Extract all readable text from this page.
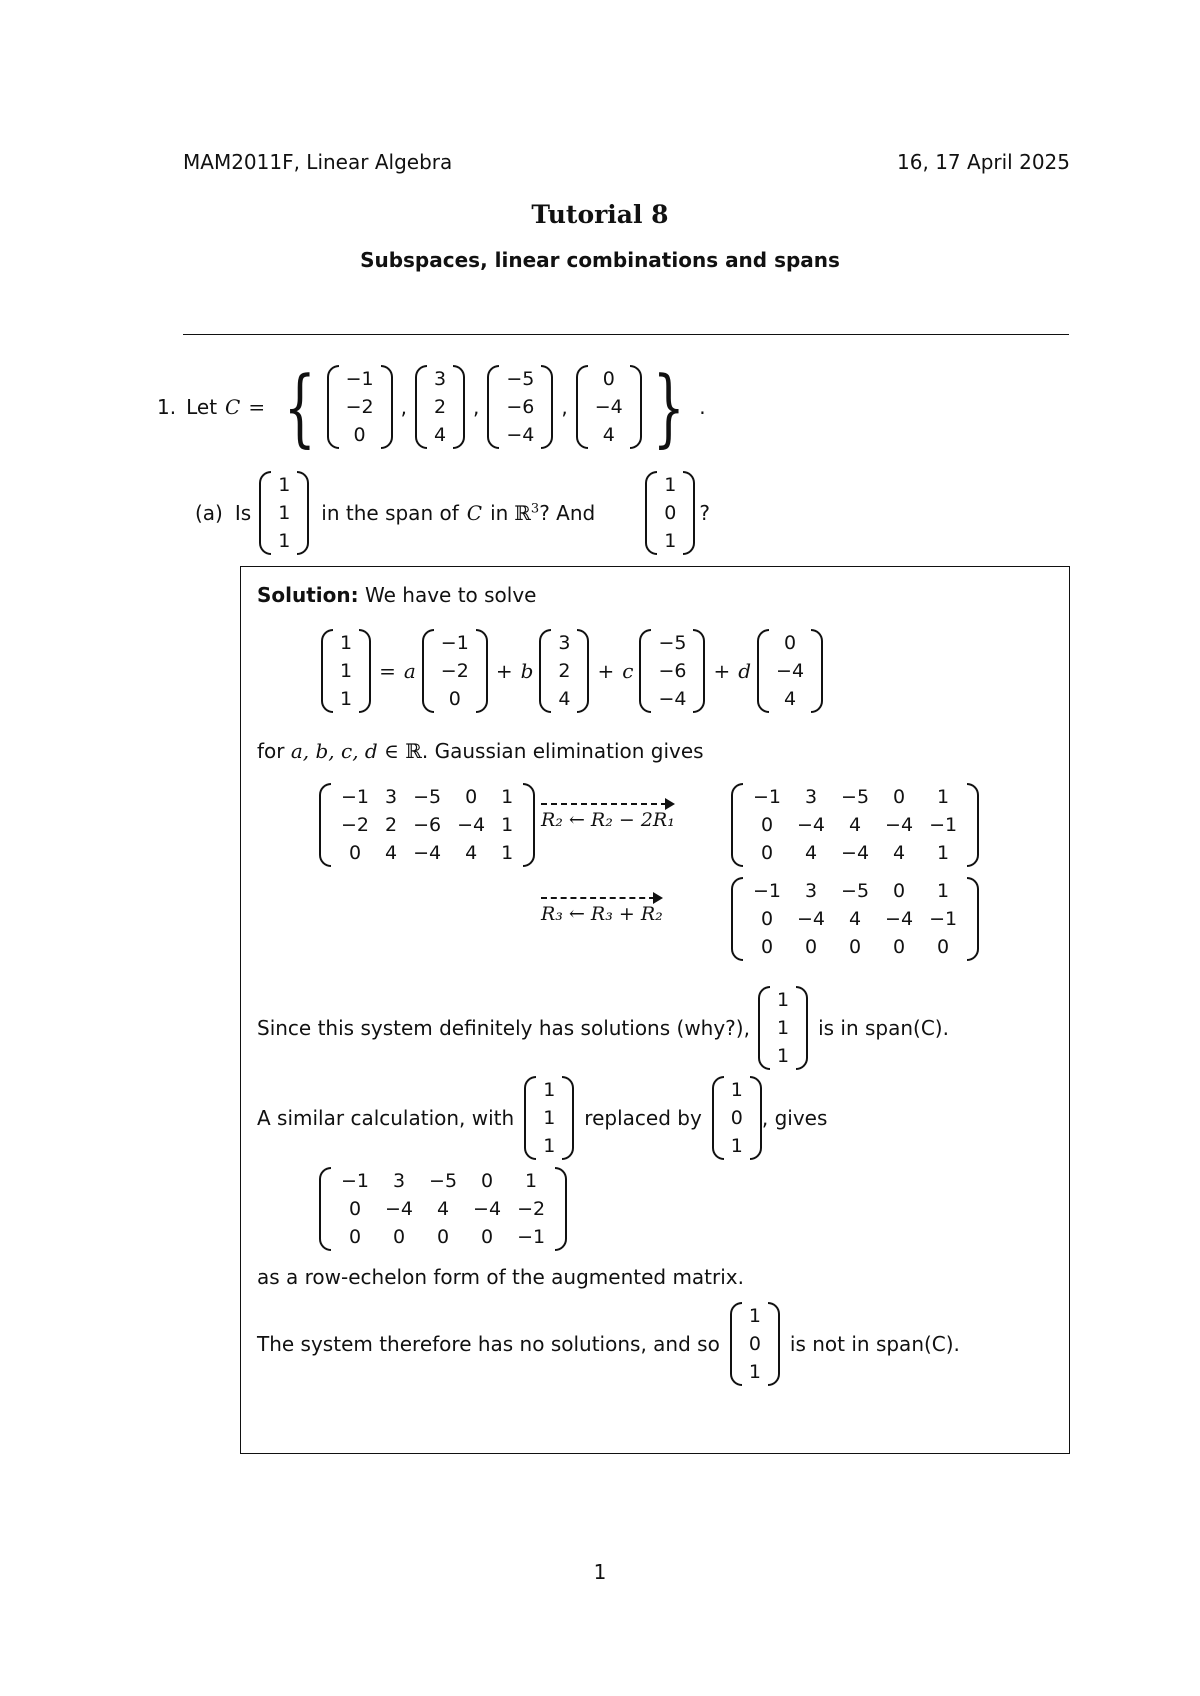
MAM2011F, Linear Algebra	16, 17 April 2025
Tutorial 8
Subspaces, linear combinations and spans
1. Let C = { −1
−2
0
,
3
2
4
,
−5
−6
−4
,
0
−4
4 } .
(a) Is
1
1
1
in the span of C in ℝ$^3$ ? And
1
0
1
?
Solution: We have to solve
1
1
1
= a
−1
−2
0
+ b
3
2
4
+ c
−5
−6
−4
+ d
0
−4
4
for a, b, c, d ∈ ℝ. Gaussian elimination gives
−1	3	−5	0	1
−2	2	−6	−4	1
0	4	−4	4	1
R₂ ← R₂ − 2R₁
−1	3	−5	0	1
0	−4	4	−4	−1
0	4	−4	4	1
R₃ ← R₃ + R₂
−1	3	−5	0	1
0	−4	4	−4	−1
0	0	0	0	0
Since this system definitely has solutions (why?),
1
1
1
is in span(C).
A similar calculation, with
1
1
1
replaced by
1
0
1
, gives
−1	3	−5	0	1
0	−4	4	−4	−2
0	0	0	0	−1
as a row-echelon form of the augmented matrix.
The system therefore has no solutions, and so
1
0
1
is not in span(C).
1
